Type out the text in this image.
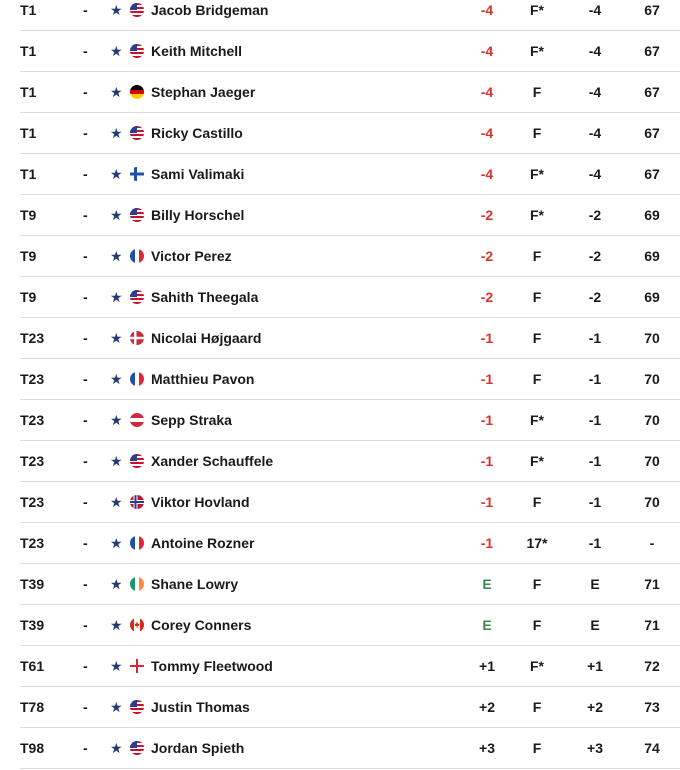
T1	- ★ Jacob Bridgeman	-4	F*	-4	67
T1	- ★ Keith Mitchell	-4	F*	-4	67
T1	- ★ Stephan Jaeger	-4	F	-4	67
T1	- ★ Ricky Castillo	-4	F	-4	67
T1	- ★ Sami Valimaki	-4	F*	-4	67
T9	- ★ Billy Horschel	-2	F*	-2	69
T9	- ★ Victor Perez	-2	F	-2	69
T9	- ★ Sahith Theegala	-2	F	-2	69
T23	- ★ Nicolai Højgaard	-1	F	-1	70
T23	- ★ Matthieu Pavon	-1	F	-1	70
T23	- ★ Sepp Straka	-1	F*	-1	70
T23	- ★ Xander Schauffele	-1	F*	-1	70
T23	- ★ Viktor Hovland	-1	F	-1	70
T23	- ★ Antoine Rozner	-1	17*	-1	-
T39	- ★ Shane Lowry	E	F	E	71
T39	- ★ Corey Conners	E	F	E	71
T61	- ★ Tommy Fleetwood	+1	F*	+1	72
T78	- ★ Justin Thomas	+2	F	+2	73
T98	- ★ Jordan Spieth	+3	F	+3	74
